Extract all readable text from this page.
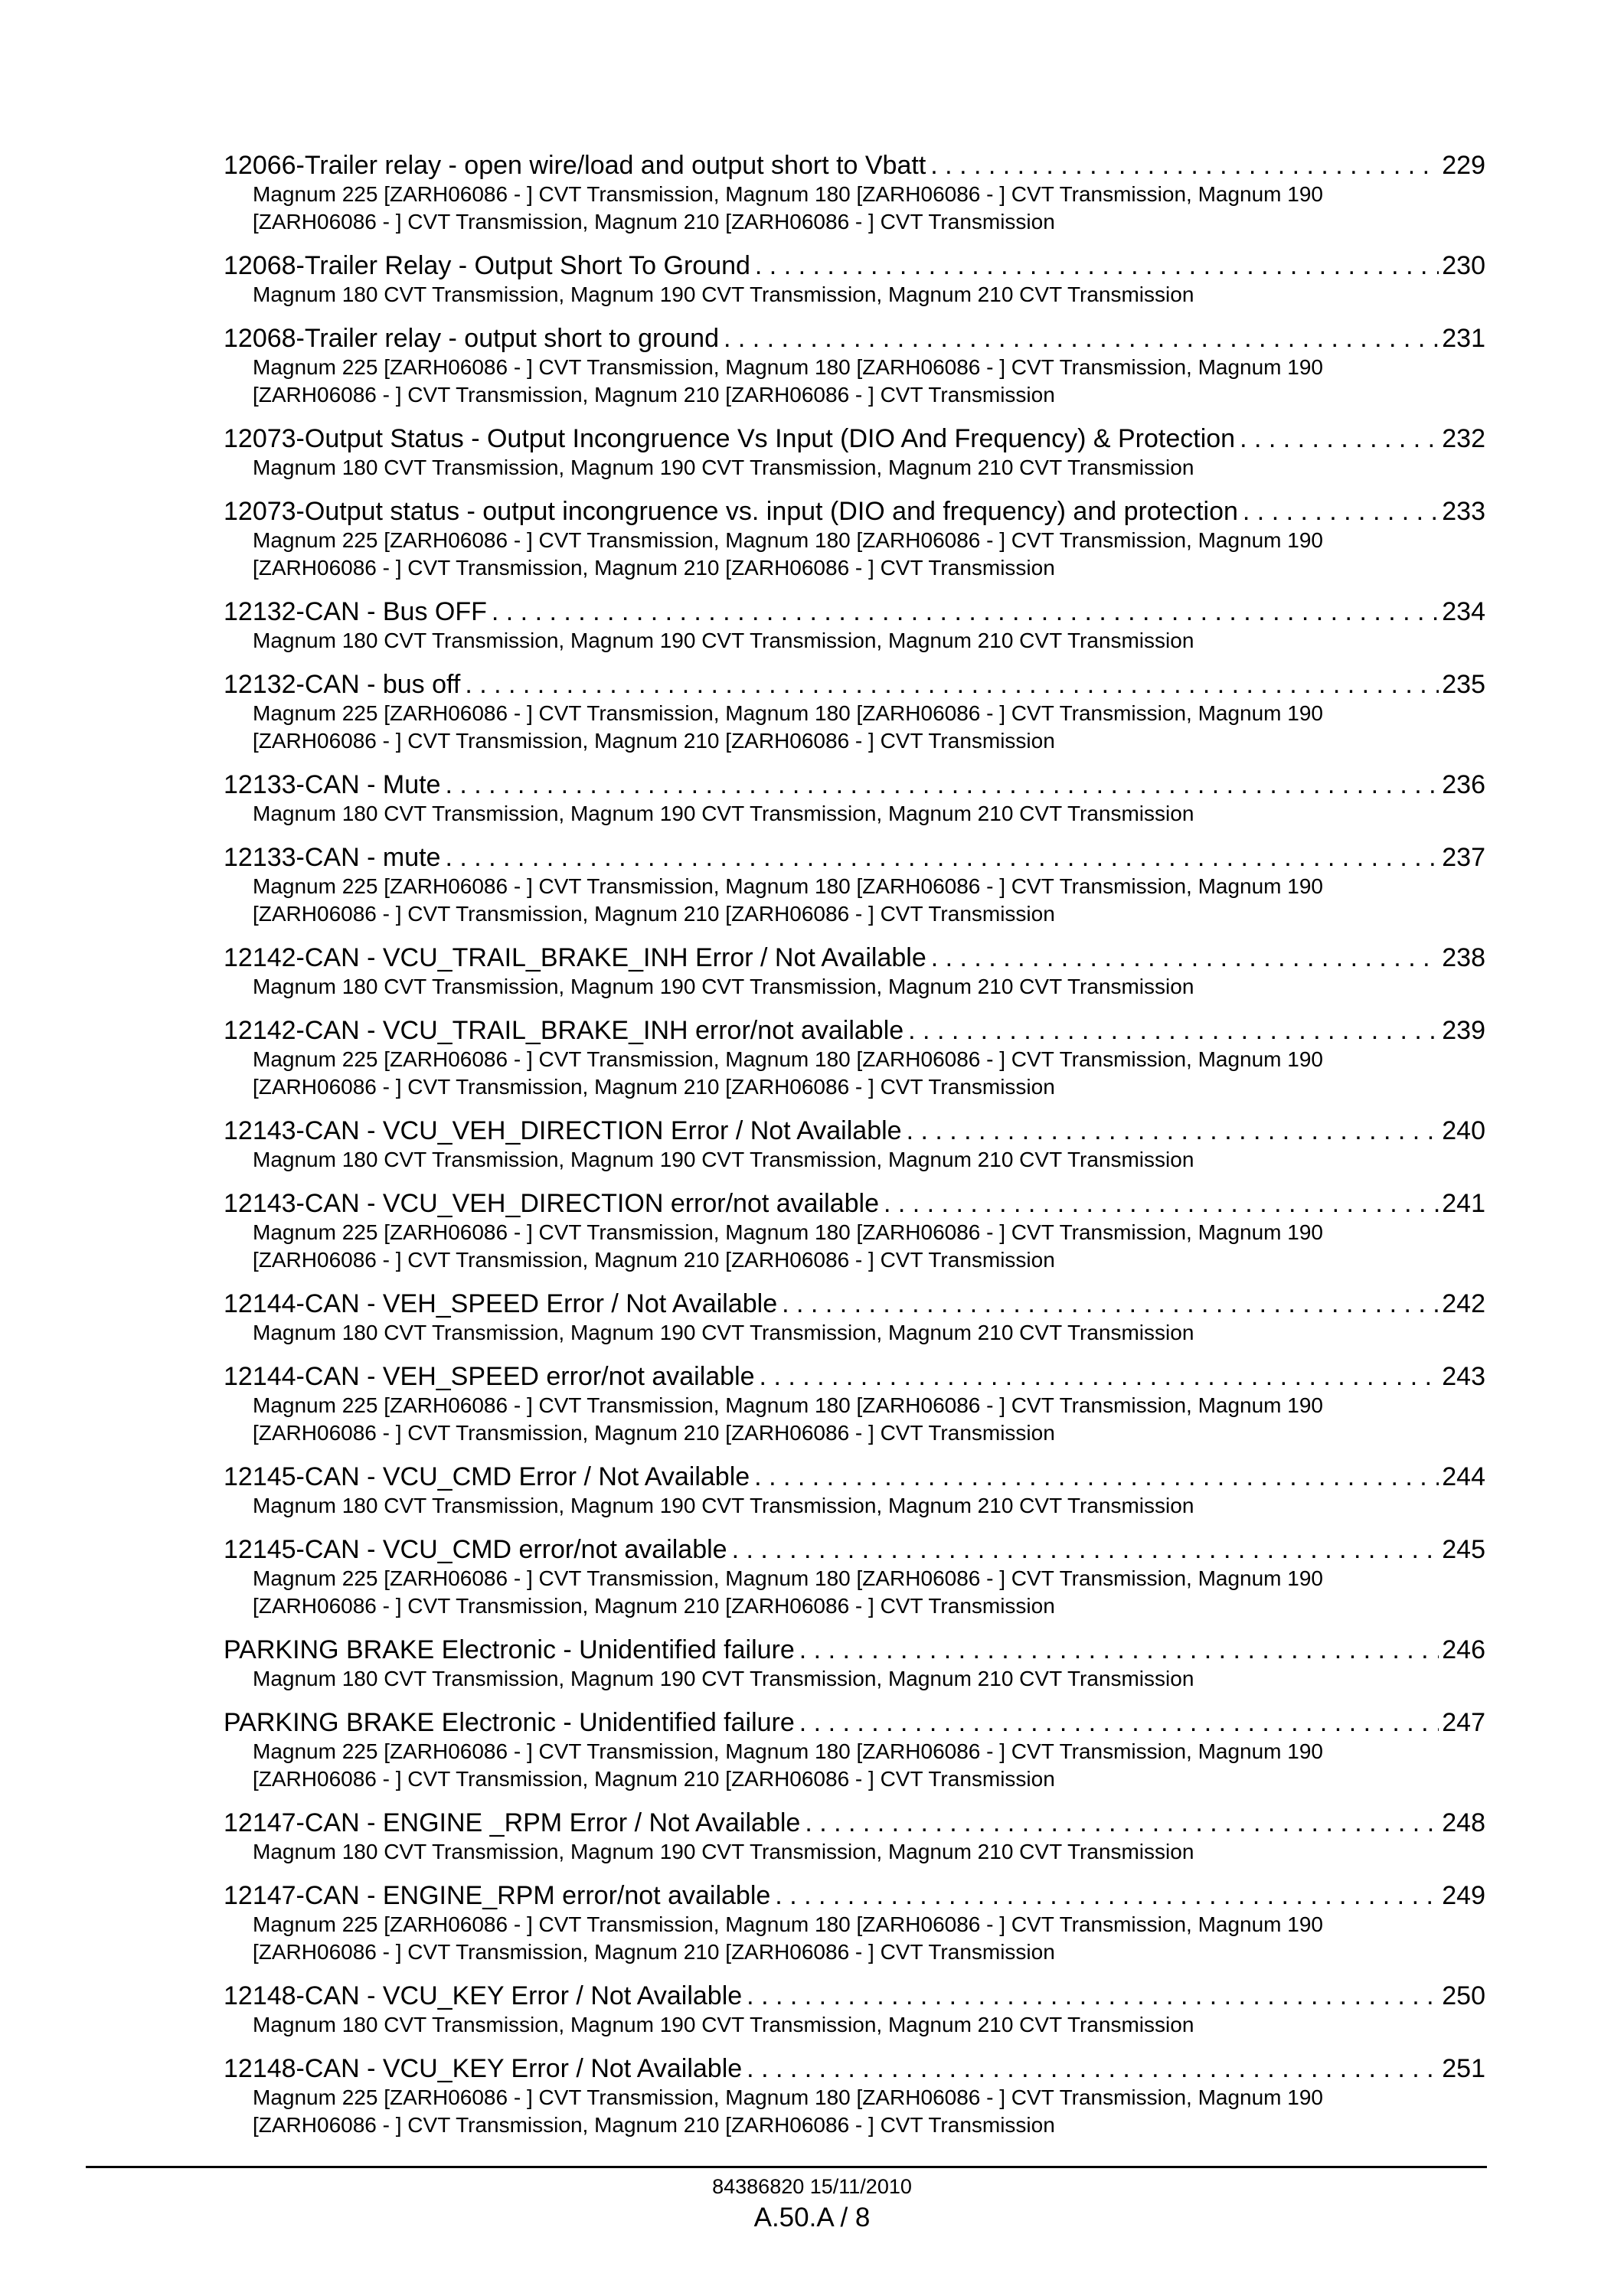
12066-Trailer relay - open wire/load and output short to Vbatt . . .	229
Magnum 225 [ZARH06086 - ] CVT Transmission, Magnum 180 [ZARH06086 - ] CVT Transmission, Magnum 190
[ZARH06086 - ] CVT Transmission, Magnum 210 [ZARH06086 - ] CVT Transmission
12068-Trailer Relay - Output Short To Ground . . .	230
Magnum 180 CVT Transmission, Magnum 190 CVT Transmission, Magnum 210 CVT Transmission
12068-Trailer relay - output short to ground . . .	231
Magnum 225 [ZARH06086 - ] CVT Transmission, Magnum 180 [ZARH06086 - ] CVT Transmission, Magnum 190
[ZARH06086 - ] CVT Transmission, Magnum 210 [ZARH06086 - ] CVT Transmission
12073-Output Status - Output Incongruence Vs Input (DIO And Frequency) & Protection . . .	232
Magnum 180 CVT Transmission, Magnum 190 CVT Transmission, Magnum 210 CVT Transmission
12073-Output status - output incongruence vs. input (DIO and frequency) and protection . . .	233
Magnum 225 [ZARH06086 - ] CVT Transmission, Magnum 180 [ZARH06086 - ] CVT Transmission, Magnum 190
[ZARH06086 - ] CVT Transmission, Magnum 210 [ZARH06086 - ] CVT Transmission
12132-CAN - Bus OFF . . .	234
Magnum 180 CVT Transmission, Magnum 190 CVT Transmission, Magnum 210 CVT Transmission
12132-CAN - bus off . . .	235
Magnum 225 [ZARH06086 - ] CVT Transmission, Magnum 180 [ZARH06086 - ] CVT Transmission, Magnum 190
[ZARH06086 - ] CVT Transmission, Magnum 210 [ZARH06086 - ] CVT Transmission
12133-CAN - Mute . . .	236
Magnum 180 CVT Transmission, Magnum 190 CVT Transmission, Magnum 210 CVT Transmission
12133-CAN - mute . . .	237
Magnum 225 [ZARH06086 - ] CVT Transmission, Magnum 180 [ZARH06086 - ] CVT Transmission, Magnum 190
[ZARH06086 - ] CVT Transmission, Magnum 210 [ZARH06086 - ] CVT Transmission
12142-CAN - VCU_TRAIL_BRAKE_INH Error / Not Available . . .	238
Magnum 180 CVT Transmission, Magnum 190 CVT Transmission, Magnum 210 CVT Transmission
12142-CAN - VCU_TRAIL_BRAKE_INH error/not available . . .	239
Magnum 225 [ZARH06086 - ] CVT Transmission, Magnum 180 [ZARH06086 - ] CVT Transmission, Magnum 190
[ZARH06086 - ] CVT Transmission, Magnum 210 [ZARH06086 - ] CVT Transmission
12143-CAN - VCU_VEH_DIRECTION Error / Not Available . . .	240
Magnum 180 CVT Transmission, Magnum 190 CVT Transmission, Magnum 210 CVT Transmission
12143-CAN - VCU_VEH_DIRECTION error/not available . . .	241
Magnum 225 [ZARH06086 - ] CVT Transmission, Magnum 180 [ZARH06086 - ] CVT Transmission, Magnum 190
[ZARH06086 - ] CVT Transmission, Magnum 210 [ZARH06086 - ] CVT Transmission
12144-CAN - VEH_SPEED Error / Not Available . . .	242
Magnum 180 CVT Transmission, Magnum 190 CVT Transmission, Magnum 210 CVT Transmission
12144-CAN - VEH_SPEED error/not available . . .	243
Magnum 225 [ZARH06086 - ] CVT Transmission, Magnum 180 [ZARH06086 - ] CVT Transmission, Magnum 190
[ZARH06086 - ] CVT Transmission, Magnum 210 [ZARH06086 - ] CVT Transmission
12145-CAN - VCU_CMD Error / Not Available . . .	244
Magnum 180 CVT Transmission, Magnum 190 CVT Transmission, Magnum 210 CVT Transmission
12145-CAN - VCU_CMD error/not available . . .	245
Magnum 225 [ZARH06086 - ] CVT Transmission, Magnum 180 [ZARH06086 - ] CVT Transmission, Magnum 190
[ZARH06086 - ] CVT Transmission, Magnum 210 [ZARH06086 - ] CVT Transmission
PARKING BRAKE Electronic - Unidentified failure . . .	246
Magnum 180 CVT Transmission, Magnum 190 CVT Transmission, Magnum 210 CVT Transmission
PARKING BRAKE Electronic - Unidentified failure . . .	247
Magnum 225 [ZARH06086 - ] CVT Transmission, Magnum 180 [ZARH06086 - ] CVT Transmission, Magnum 190
[ZARH06086 - ] CVT Transmission, Magnum 210 [ZARH06086 - ] CVT Transmission
12147-CAN - ENGINE _RPM Error / Not Available . . .	248
Magnum 180 CVT Transmission, Magnum 190 CVT Transmission, Magnum 210 CVT Transmission
12147-CAN - ENGINE_RPM error/not available . . .	249
Magnum 225 [ZARH06086 - ] CVT Transmission, Magnum 180 [ZARH06086 - ] CVT Transmission, Magnum 190
[ZARH06086 - ] CVT Transmission, Magnum 210 [ZARH06086 - ] CVT Transmission
12148-CAN - VCU_KEY Error / Not Available . . .	250
Magnum 180 CVT Transmission, Magnum 190 CVT Transmission, Magnum 210 CVT Transmission
12148-CAN - VCU_KEY Error / Not Available . . .	251
Magnum 225 [ZARH06086 - ] CVT Transmission, Magnum 180 [ZARH06086 - ] CVT Transmission, Magnum 190
[ZARH06086 - ] CVT Transmission, Magnum 210 [ZARH06086 - ] CVT Transmission
84386820 15/11/2010
A.50.A / 8
